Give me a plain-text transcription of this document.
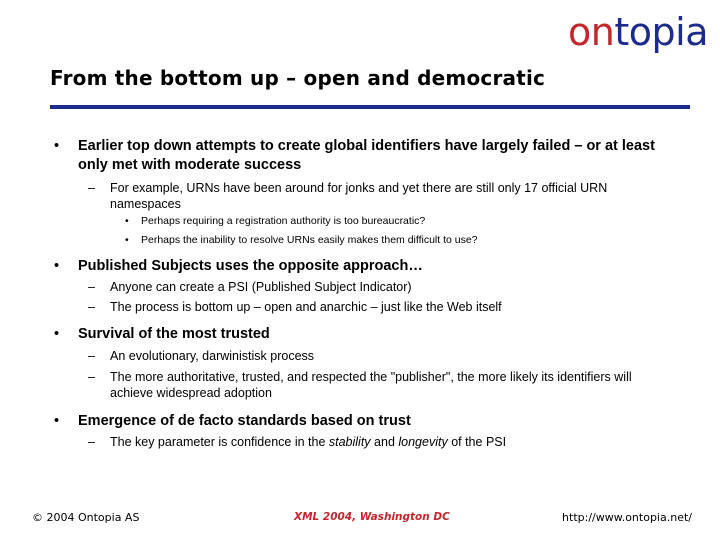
ontopia
From the bottom up – open and democratic
• Earlier top down attempts to create global identifiers have largely failed – or at least only met with moderate success
– For example, URNs have been around for jonks and yet there are still only 17 official URN namespaces
• Perhaps requiring a registration authority is too bureaucratic?
• Perhaps the inability to resolve URNs easily makes them difficult to use?
• Published Subjects uses the opposite approach…
– Anyone can create a PSI (Published Subject Indicator)
– The process is bottom up – open and anarchic – just like the Web itself
• Survival of the most trusted
– An evolutionary, darwinistisk process
– The more authoritative, trusted, and respected the "publisher", the more likely its identifiers will achieve widespread adoption
• Emergence of de facto standards based on trust
– The key parameter is confidence in the stability and longevity of the PSI
© 2004 Ontopia AS	XML 2004, Washington DC	http://www.ontopia.net/
